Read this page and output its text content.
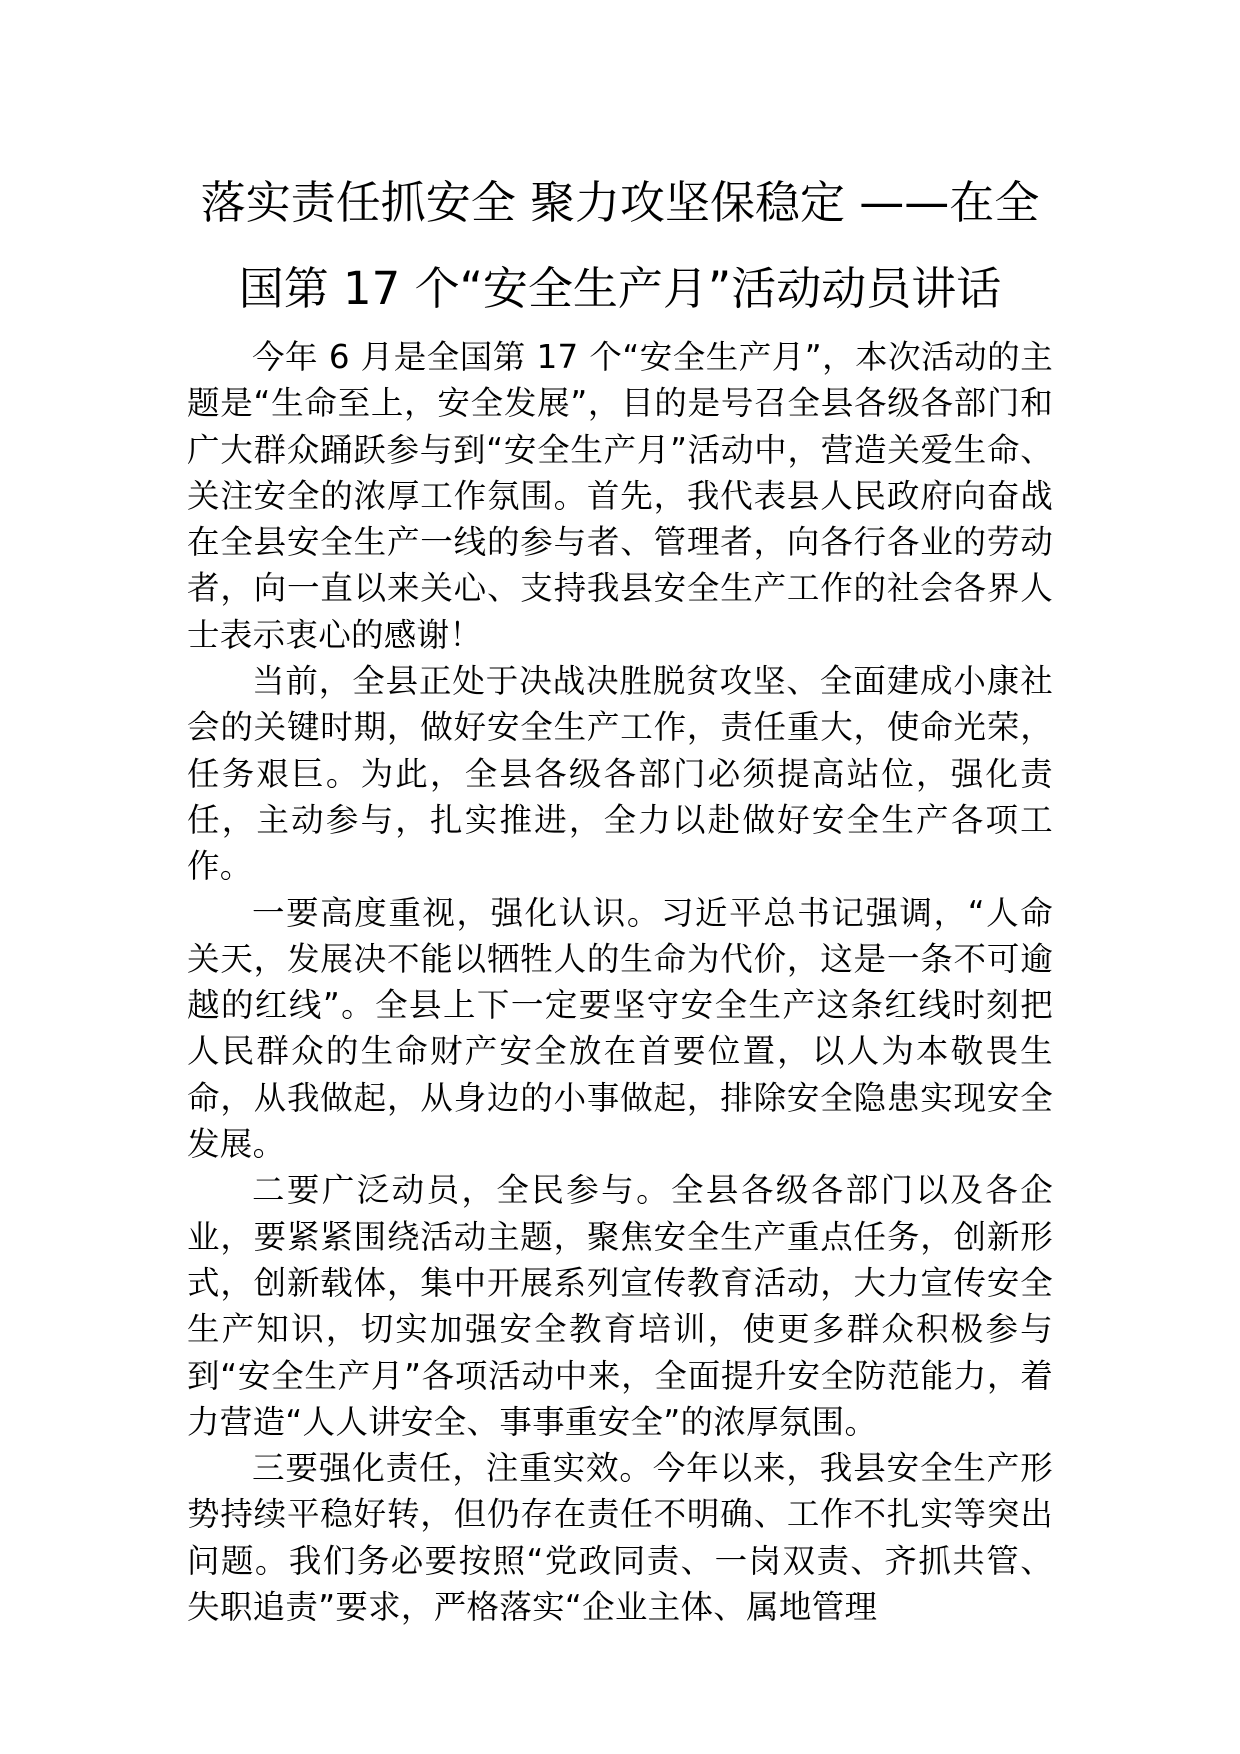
落实责任抓安全 聚力攻坚保稳定 ——在全
国第 17 个“安全生产月”活动动员讲话

今年 6 月是全国第 17 个“安全生产月”，本次活动的主题是“生命至上，安全发展”，目的是号召全县各级各部门和广大群众踊跃参与到“安全生产月”活动中，营造关爱生命、关注安全的浓厚工作氛围。首先，我代表县人民政府向奋战在全县安全生产一线的参与者、管理者，向各行各业的劳动者，向一直以来关心、支持我县安全生产工作的社会各界人士表示衷心的感谢！

当前，全县正处于决战决胜脱贫攻坚、全面建成小康社会的关键时期，做好安全生产工作，责任重大，使命光荣，任务艰巨。为此，全县各级各部门必须提高站位，强化责任，主动参与，扎实推进，全力以赴做好安全生产各项工作。

一要高度重视，强化认识。习近平总书记强调，“人命关天，发展决不能以牺牲人的生命为代价，这是一条不可逾越的红线”。全县上下一定要坚守安全生产这条红线时刻把人民群众的生命财产安全放在首要位置，以人为本敬畏生命，从我做起，从身边的小事做起，排除安全隐患实现安全发展。

二要广泛动员，全民参与。全县各级各部门以及各企业，要紧紧围绕活动主题，聚焦安全生产重点任务，创新形式，创新载体，集中开展系列宣传教育活动，大力宣传安全生产知识，切实加强安全教育培训，使更多群众积极参与到“安全生产月”各项活动中来，全面提升安全防范能力，着力营造“人人讲安全、事事重安全”的浓厚氛围。

三要强化责任，注重实效。今年以来，我县安全生产形势持续平稳好转，但仍存在责任不明确、工作不扎实等突出问题。我们务必要按照“党政同责、一岗双责、齐抓共管、失职追责”要求，严格落实“企业主体、属地管理
